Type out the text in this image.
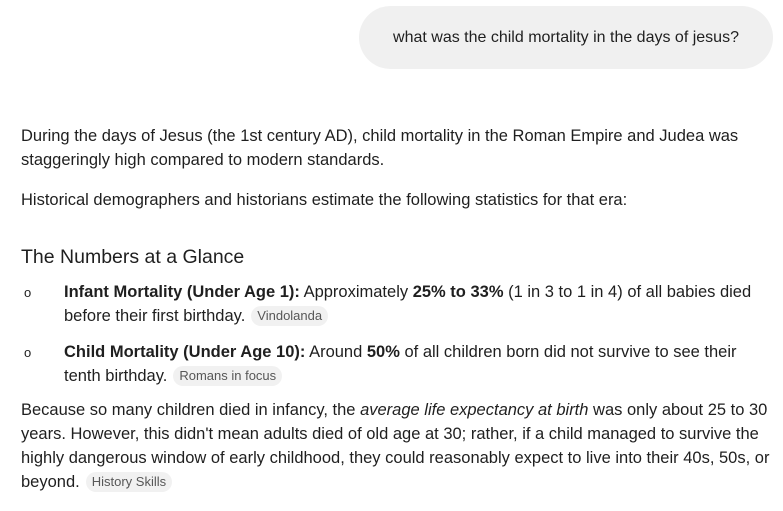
what was the child mortality in the days of jesus?

During the days of Jesus (the 1st century AD), child mortality in the Roman Empire and Judea was staggeringly high compared to modern standards.

Historical demographers and historians estimate the following statistics for that era:

The Numbers at a Glance
o Infant Mortality (Under Age 1): Approximately 25% to 33% (1 in 3 to 1 in 4) of all babies died before their first birthday. Vindolanda
o Child Mortality (Under Age 10): Around 50% of all children born did not survive to see their tenth birthday. Romans in focus

Because so many children died in infancy, the average life expectancy at birth was only about 25 to 30 years. However, this didn't mean adults died of old age at 30; rather, if a child managed to survive the highly dangerous window of early childhood, they could reasonably expect to live into their 40s, 50s, or beyond. History Skills
